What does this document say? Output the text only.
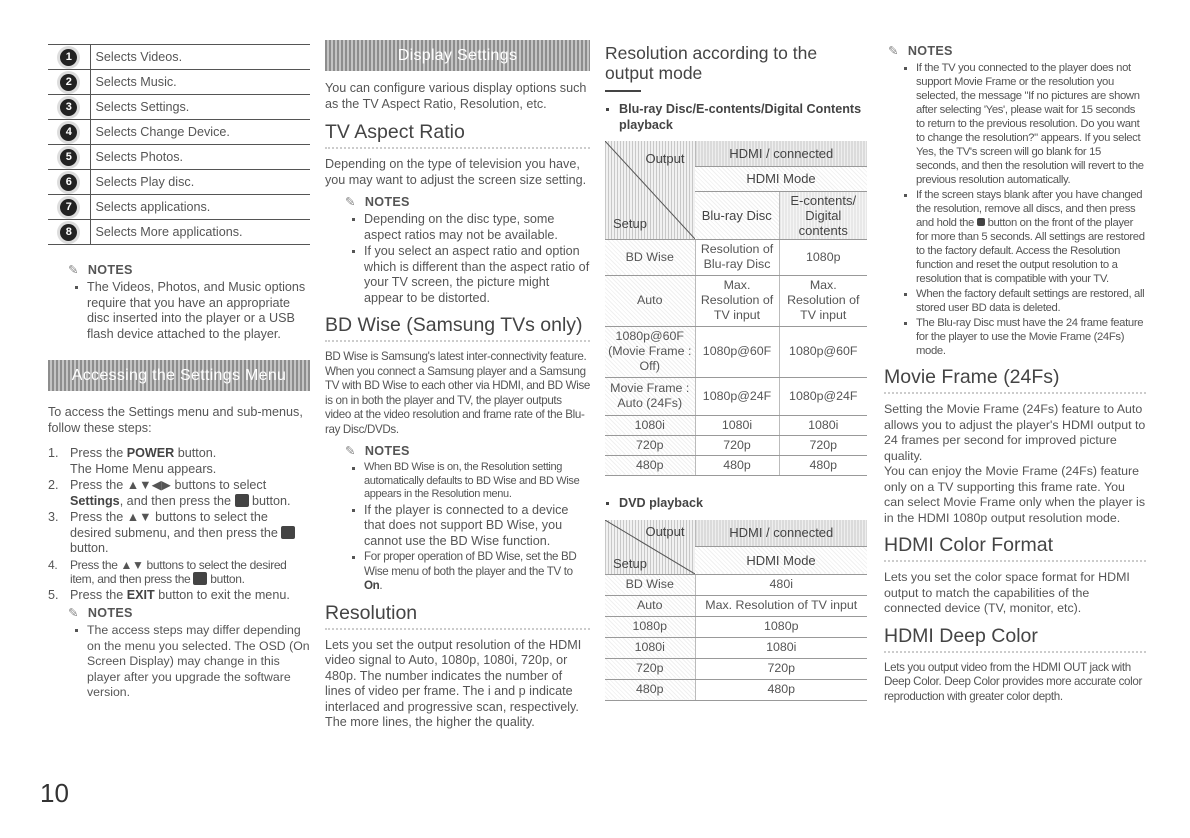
1	Selects Videos.
2	Selects Music.
3	Selects Settings.
4	Selects Change Device.
5	Selects Photos.
6	Selects Play disc.
7	Selects applications.
8	Selects More applications.
✎ NOTES
The Videos, Photos, and Music options require that you have an appropriate disc inserted into the player or a USB flash device attached to the player.
Accessing the Settings Menu

To access the Settings menu and sub-menus, follow these steps:

1. Press the POWER button.
The Home Menu appears.
2. Press the ▲▼◀▶ buttons to select Settings, and then press the  button.
3. Press the ▲▼ buttons to select the desired submenu, and then press the  button.
4. Press the ▲▼ buttons to select the desired item, and then press the  button.
5. Press the EXIT button to exit the menu.
✎ NOTES
The access steps may differ depending on the menu you selected. The OSD (On Screen Display) may change in this player after you upgrade the software version.
10
Display Settings

You can configure various display options such as the TV Aspect Ratio, Resolution, etc.

TV Aspect Ratio

Depending on the type of television you have, you may want to adjust the screen size setting.

✎ NOTES
Depending on the disc type, some aspect ratios may not be available.
If you select an aspect ratio and option which is different than the aspect ratio of your TV screen, the picture might appear to be distorted.
BD Wise (Samsung TVs only)

BD Wise is Samsung's latest inter-connectivity feature.

When you connect a Samsung player and a Samsung TV with BD Wise to each other via HDMI, and BD Wise is on in both the player and TV, the player outputs video at the video resolution and frame rate of the Blu-ray Disc/DVDs.

✎ NOTES
When BD Wise is on, the Resolution setting automatically defaults to BD Wise and BD Wise appears in the Resolution menu.
If the player is connected to a device that does not support BD Wise, you cannot use the BD Wise function.
For proper operation of BD Wise, set the BD Wise menu of both the player and the TV to On.
Resolution

Lets you set the output resolution of the HDMI video signal to Auto, 1080p, 1080i, 720p, or 480p. The number indicates the number of lines of video per frame. The i and p indicate interlaced and progressive scan, respectively. The more lines, the higher the quality.

Resolution according to the output mode
Blu-ray Disc/E-contents/Digital Contents playback
Output
Setup	HDMI / connected	
	HDMI Mode	
	Blu-ray Disc	E-contents/ Digital contents
BD Wise	Resolution of Blu-ray Disc	1080p
Auto	Max. Resolution of TV input	Max. Resolution of TV input
1080p@60F (Movie Frame : Off)	1080p@60F	1080p@60F
Movie Frame : Auto (24Fs)	1080p@24F	1080p@24F
1080i	1080i	1080i
720p	720p	720p
480p	480p	480p
DVD playback
Output
Setup	HDMI / connected
	HDMI Mode
BD Wise	480i
Auto	Max. Resolution of TV input
1080p	1080p
1080i	1080i
720p	720p
480p	480p
✎ NOTES
If the TV you connected to the player does not support Movie Frame or the resolution you selected, the message "If no pictures are shown after selecting 'Yes', please wait for 15 seconds to return to the previous resolution. Do you want to change the resolution?" appears. If you select Yes, the TV's screen will go blank for 15 seconds, and then the resolution will revert to the previous resolution automatically.
If the screen stays blank after you have changed the resolution, remove all discs, and then press and hold the  button on the front of the player for more than 5 seconds. All settings are restored to the factory default. Access the Resolution function and reset the output resolution to a resolution that is compatible with your TV.
When the factory default settings are restored, all stored user BD data is deleted.
The Blu-ray Disc must have the 24 frame feature for the player to use the Movie Frame (24Fs) mode.
Movie Frame (24Fs)

Setting the Movie Frame (24Fs) feature to Auto allows you to adjust the player's HDMI output to 24 frames per second for improved picture quality.

You can enjoy the Movie Frame (24Fs) feature only on a TV supporting this frame rate. You can select Movie Frame only when the player is in the HDMI 1080p output resolution mode.

HDMI Color Format

Lets you set the color space format for HDMI output to match the capabilities of the connected device (TV, monitor, etc).

HDMI Deep Color

Lets you output video from the HDMI OUT jack with Deep Color. Deep Color provides more accurate color reproduction with greater color depth.
